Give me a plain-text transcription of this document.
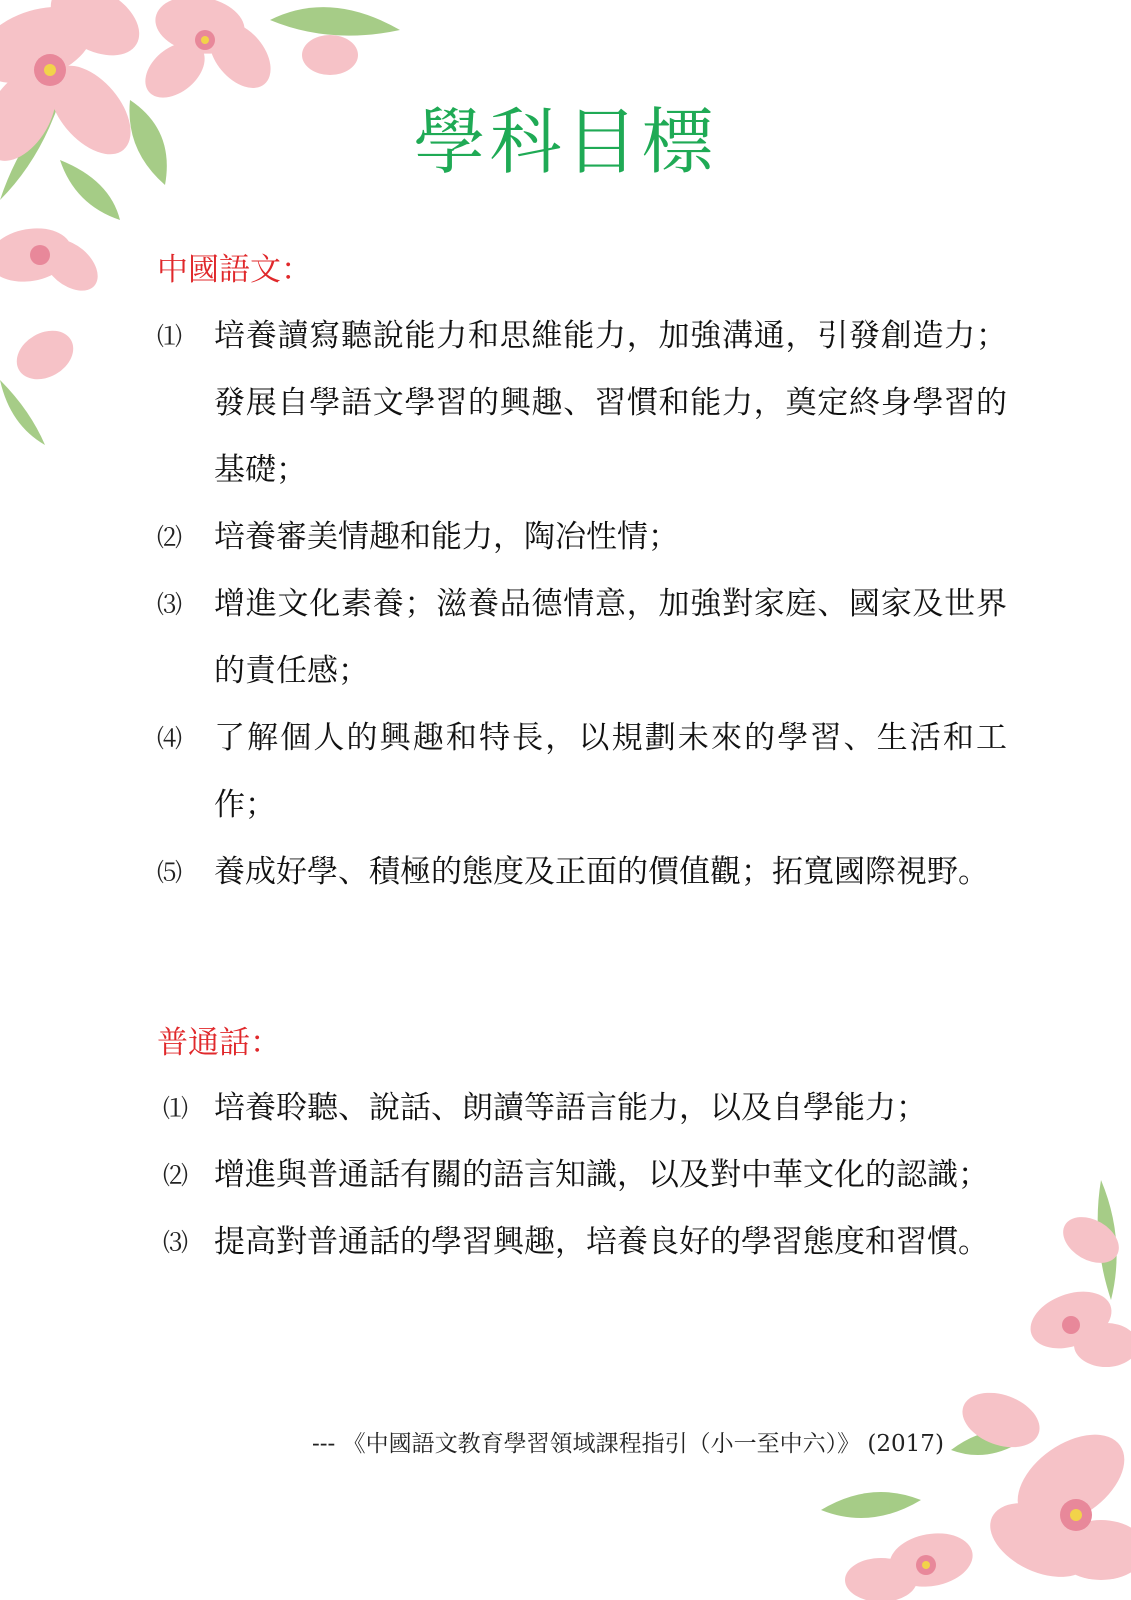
學科目標
中國語文：
⑴ 培養讀寫聽說能力和思維能力，加強溝通，引發創造力；發展自學語文學習的興趣、習慣和能力，奠定終身學習的基礎；
⑵ 培養審美情趣和能力，陶冶性情；
⑶ 增進文化素養；滋養品德情意，加強對家庭、國家及世界的責任感；
⑷ 了解個人的興趣和特長，以規劃未來的學習、生活和工作；
⑸ 養成好學、積極的態度及正面的價值觀；拓寬國際視野。
普通話：
⑴ 培養聆聽、說話、朗讀等語言能力，以及自學能力；
⑵ 增進與普通話有關的語言知識，以及對中華文化的認識；
⑶ 提高對普通話的學習興趣，培養良好的學習態度和習慣。
--- 《中國語文教育學習領域課程指引（小一至中六）》 (2017)
